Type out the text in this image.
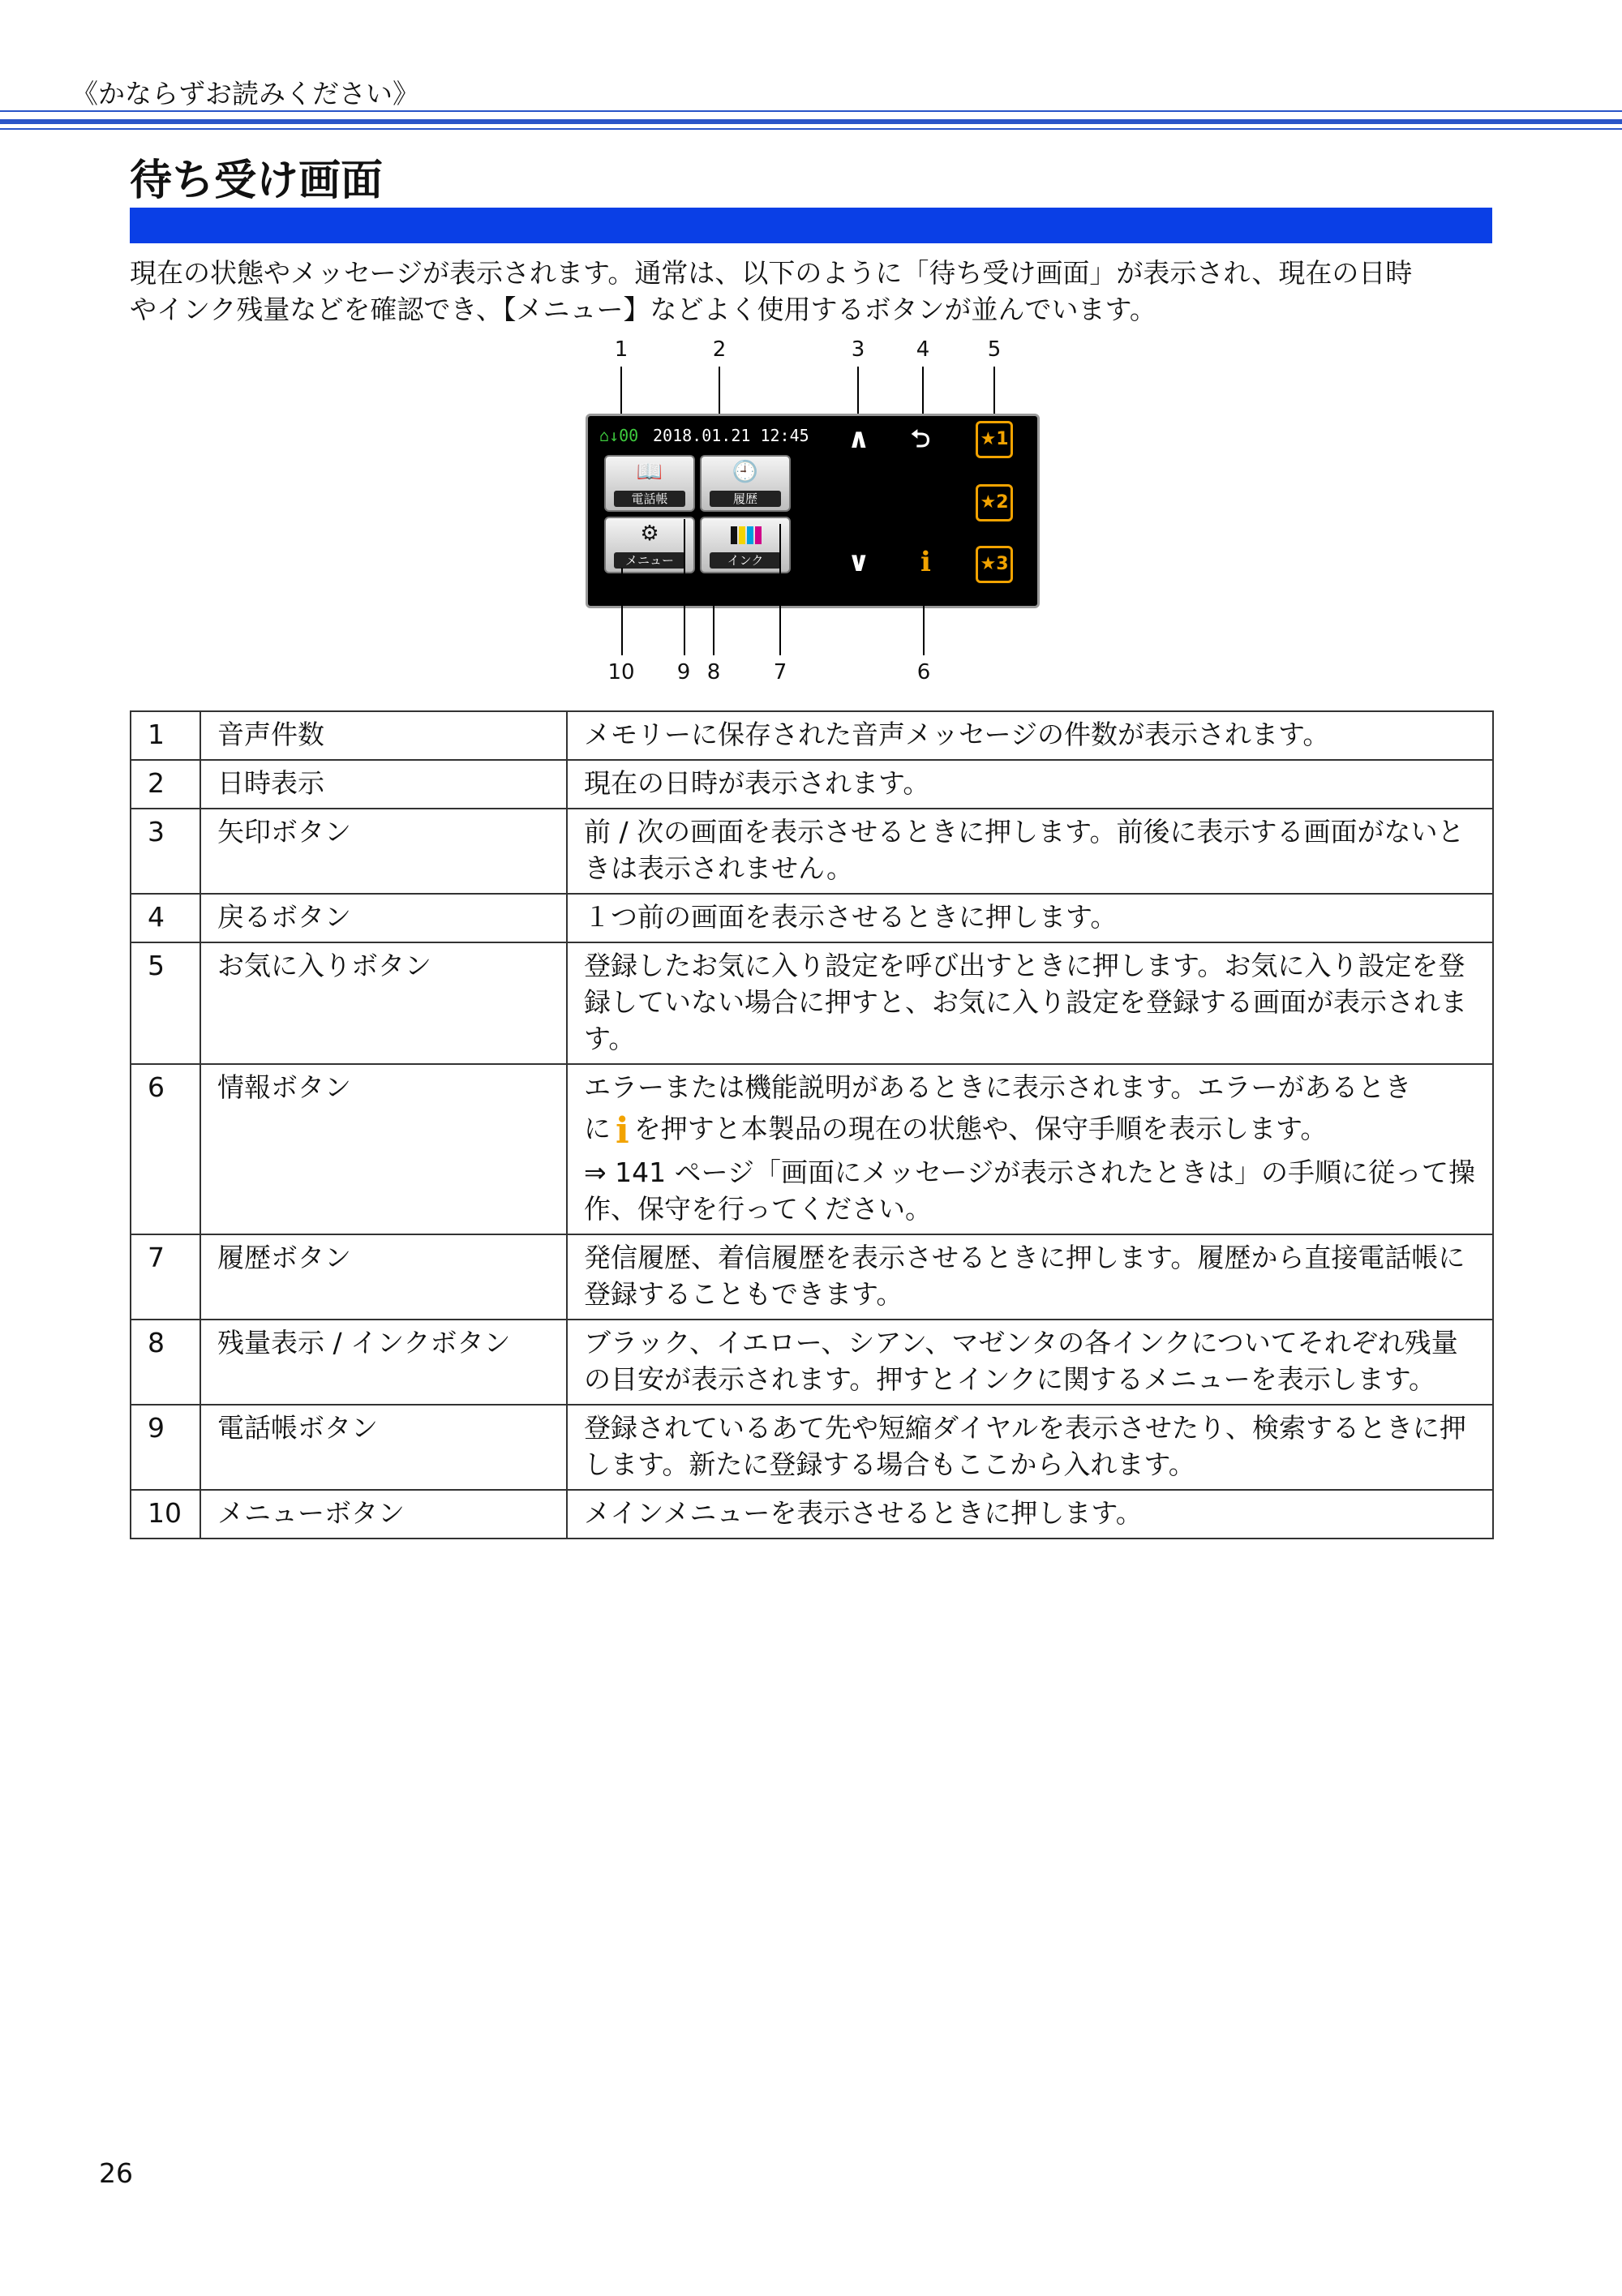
《かならずお読みください》
待ち受け画面

現在の状態やメッセージが表示されます。通常は、以下のように「待ち受け画面」が表示され、現在の日時

やインク残量などを確認でき、【メニュー】などよく使用するボタンが並んでいます。

1	2	3 4	5
⌂↓00 2018.01.21 12:45
📖
電話帳
🕘
履歴
⚙
メニュー	インク
∧ ⮌
∨ i
★1
★2
★3
10 9 8	7	6
1	音声件数	メモリーに保存された音声メッセージの件数が表示されます。

2	日時表示	現在の日時が表示されます。

3	矢印ボタン	前 / 次の画面を表示させるときに押します。前後に表示する画面がないときは表示されません。

4	戻るボタン	１つ前の画面を表示させるときに押します。

5	お気に入りボタン	登録したお気に入り設定を呼び出すときに押します。お気に入り設定を登録していない場合に押すと、お気に入り設定を登録する画面が表示されます。

6	情報ボタン	エラーまたは機能説明があるときに表示されます。エラーがあるとき

に i を押すと本製品の現在の状態や、保守手順を表示します。

⇒ 141 ページ「画面にメッセージが表示されたときは」の手順に従って操作、保守を行ってください。

7	履歴ボタン	発信履歴、着信履歴を表示させるときに押します。履歴から直接電話帳に登録することもできます。

8	残量表示 / インクボタン	ブラック、イエロー、シアン、マゼンタの各インクについてそれぞれ残量の目安が表示されます。押すとインクに関するメニューを表示します。

9	電話帳ボタン	登録されているあて先や短縮ダイヤルを表示させたり、検索するときに押します。新たに登録する場合もここから入れます。

10	メニューボタン	メインメニューを表示させるときに押します。

26
